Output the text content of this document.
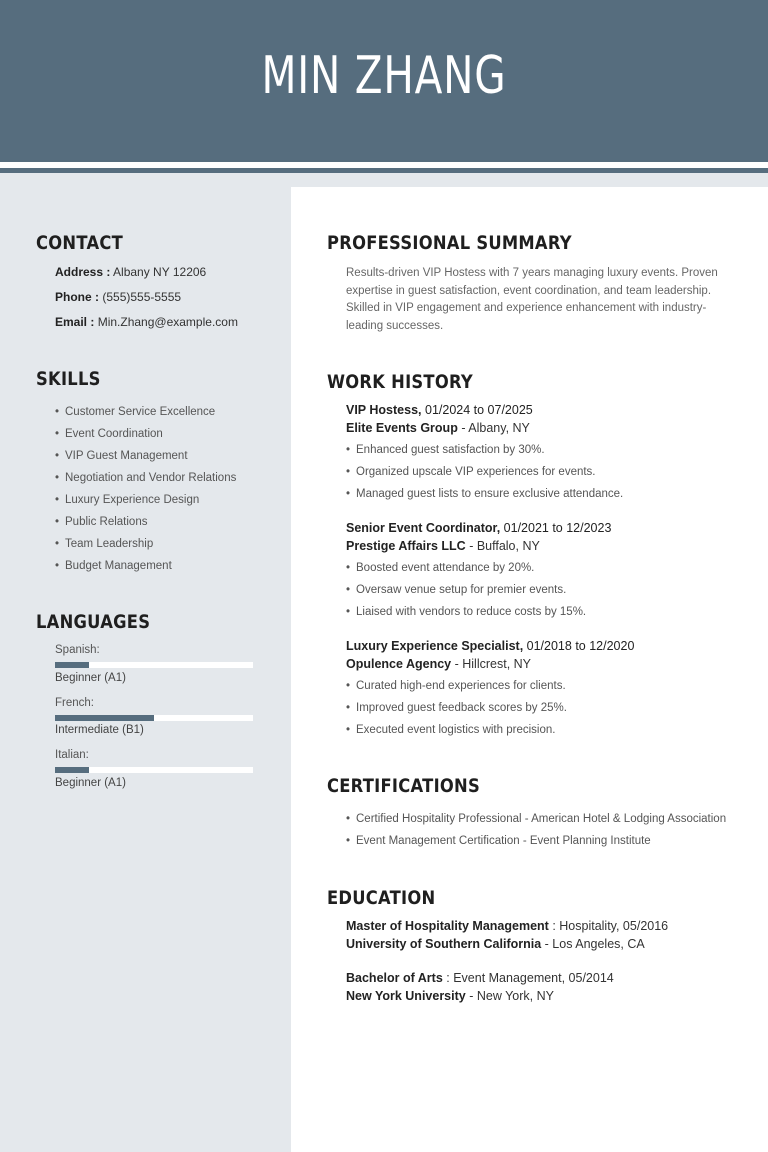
MIN ZHANG
CONTACT
Address : Albany NY 12206
Phone : (555)555-5555
Email : Min.Zhang@example.com
SKILLS
• Customer Service Excellence
• Event Coordination
• VIP Guest Management
• Negotiation and Vendor Relations
• Luxury Experience Design
• Public Relations
• Team Leadership
• Budget Management
LANGUAGES
Spanish:
Beginner (A1)
French:
Intermediate (B1)
Italian:
Beginner (A1)
PROFESSIONAL SUMMARY
Results-driven VIP Hostess with 7 years managing luxury events. Proven expertise in guest satisfaction, event coordination, and team leadership. Skilled in VIP engagement and experience enhancement with industry-leading successes.
WORK HISTORY
VIP Hostess, 01/2024 to 07/2025
Elite Events Group - Albany, NY
• Enhanced guest satisfaction by 30%.
• Organized upscale VIP experiences for events.
• Managed guest lists to ensure exclusive attendance.
Senior Event Coordinator, 01/2021 to 12/2023
Prestige Affairs LLC - Buffalo, NY
• Boosted event attendance by 20%.
• Oversaw venue setup for premier events.
• Liaised with vendors to reduce costs by 15%.
Luxury Experience Specialist, 01/2018 to 12/2020
Opulence Agency - Hillcrest, NY
• Curated high-end experiences for clients.
• Improved guest feedback scores by 25%.
• Executed event logistics with precision.
CERTIFICATIONS
• Certified Hospitality Professional - American Hotel & Lodging Association
• Event Management Certification - Event Planning Institute
EDUCATION
Master of Hospitality Management : Hospitality, 05/2016
University of Southern California - Los Angeles, CA
Bachelor of Arts : Event Management, 05/2014
New York University - New York, NY
